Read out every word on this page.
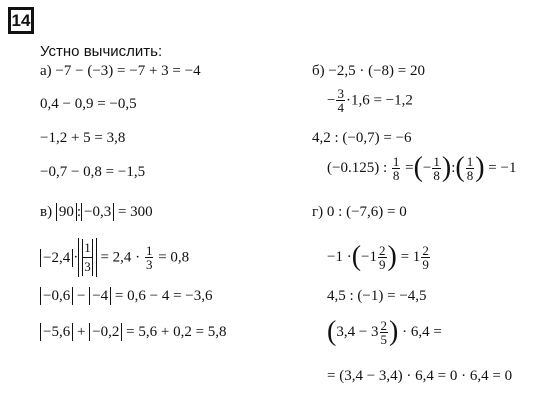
14
Устно вычислить:
а) −7 − (−3) = −7 + 3 = −4
0,4 − 0,9 = −0,5
−1,2 + 5 = 3,8
−0,7 − 0,8 = −1,5
в) 90 : −0,3 = 300
$-2,4 \cdot \frac{1}{3} = 2,4 \cdot \frac{1}{3} = 0,8$
−0,6 − −4 = 0,6 − 4 = −3,6
−5,6 + −0,2 = 5,6 + 0,2 = 5,8
б) −2,5 · (−8) = 20
− $\frac{3}{4} \cdot 1,6 = -1,2$
4,2 : (−0,7) = −6
(−0.125) : $\frac{1}{8}$ =(− $\frac{1}{8}$ ):( $\frac{1}{8}$ ) = −1
г) 0 : (−7,6) = 0
$-1 \cdot(-1 \frac{2}{9}$ ) = $1 \frac{2}{9}$
4,5 : (−1) = −4,5
($3,4 - 3 \frac{2}{5}$ ) · 6,4 =
= (3,4 − 3,4) · 6,4 = 0 · 6,4 = 0
